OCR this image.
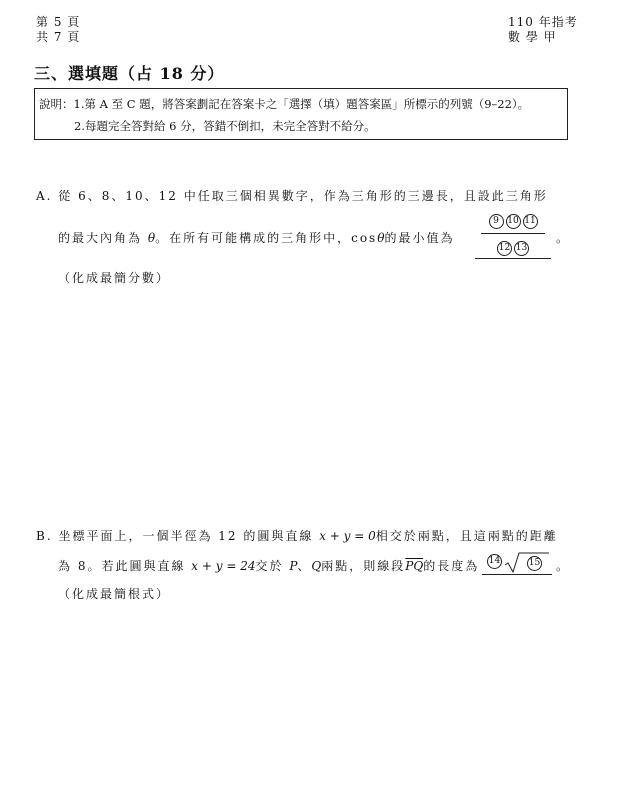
第 5 頁
共 7 頁
110 年指考
數 學 甲
三、選填題（占 18 分）
說明：1.第 A 至 C 題，將答案劃記在答案卡之「選擇（填）題答案區」所標示的列號（9–22）。
2.每題完全答對給 6 分，答錯不倒扣，未完全答對不給分。
A. 從 6、8、10、12 中任取三個相異數字，作為三角形的三邊長，且設此三角形
的最大內角為 θ。在所有可能構成的三角形中，cosθ的最小值為
9 10 11
12 13
。
（化成最簡分數）
B. 坐標平面上，一個半徑為 12 的圓與直線 x + y = 0相交於兩點，且這兩點的距離
為 8。若此圓與直線 x + y = 24交於 P、Q兩點，則線段$\overline{PQ}$的長度為 14	15 。
（化成最簡根式）
